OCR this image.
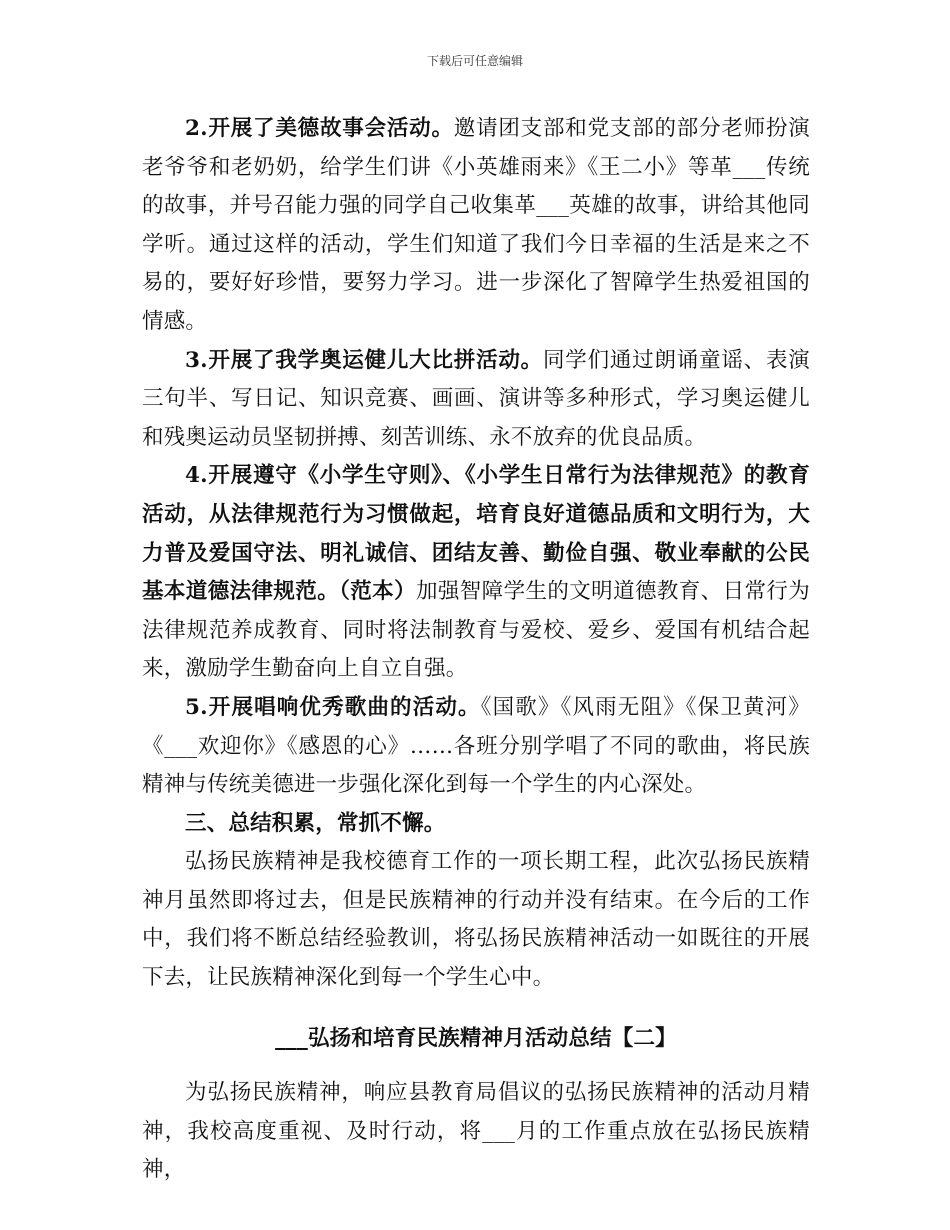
下载后可任意编辑

2.开展了美德故事会活动。邀请团支部和党支部的部分老师扮演老爷爷和老奶奶，给学生们讲《小英雄雨来》《王二小》等革___传统的故事，并号召能力强的同学自己收集革___英雄的故事，讲给其他同学听。通过这样的活动，学生们知道了我们今日幸福的生活是来之不易的，要好好珍惜，要努力学习。进一步深化了智障学生热爱祖国的情感。

3.开展了我学奥运健儿大比拼活动。同学们通过朗诵童谣、表演三句半、写日记、知识竞赛、画画、演讲等多种形式，学习奥运健儿和残奥运动员坚韧拼搏、刻苦训练、永不放弃的优良品质。

4.开展遵守《小学生守则》、《小学生日常行为法律规范》的教育活动，从法律规范行为习惯做起，培育良好道德品质和文明行为，大力普及爱国守法、明礼诚信、团结友善、勤俭自强、敬业奉献的公民基本道德法律规范。（范本）加强智障学生的文明道德教育、日常行为法律规范养成教育、同时将法制教育与爱校、爱乡、爱国有机结合起来，激励学生勤奋向上自立自强。

5.开展唱响优秀歌曲的活动。《国歌》《风雨无阻》《保卫黄河》《___欢迎你》《感恩的心》……各班分别学唱了不同的歌曲，将民族精神与传统美德进一步强化深化到每一个学生的内心深处。

三、总结积累，常抓不懈。

弘扬民族精神是我校德育工作的一项长期工程，此次弘扬民族精神月虽然即将过去，但是民族精神的行动并没有结束。在今后的工作中，我们将不断总结经验教训，将弘扬民族精神活动一如既往的开展下去，让民族精神深化到每一个学生心中。

___弘扬和培育民族精神月活动总结【二】

为弘扬民族精神，响应县教育局倡议的弘扬民族精神的活动月精神，我校高度重视、及时行动，将___月的工作重点放在弘扬民族精神，
